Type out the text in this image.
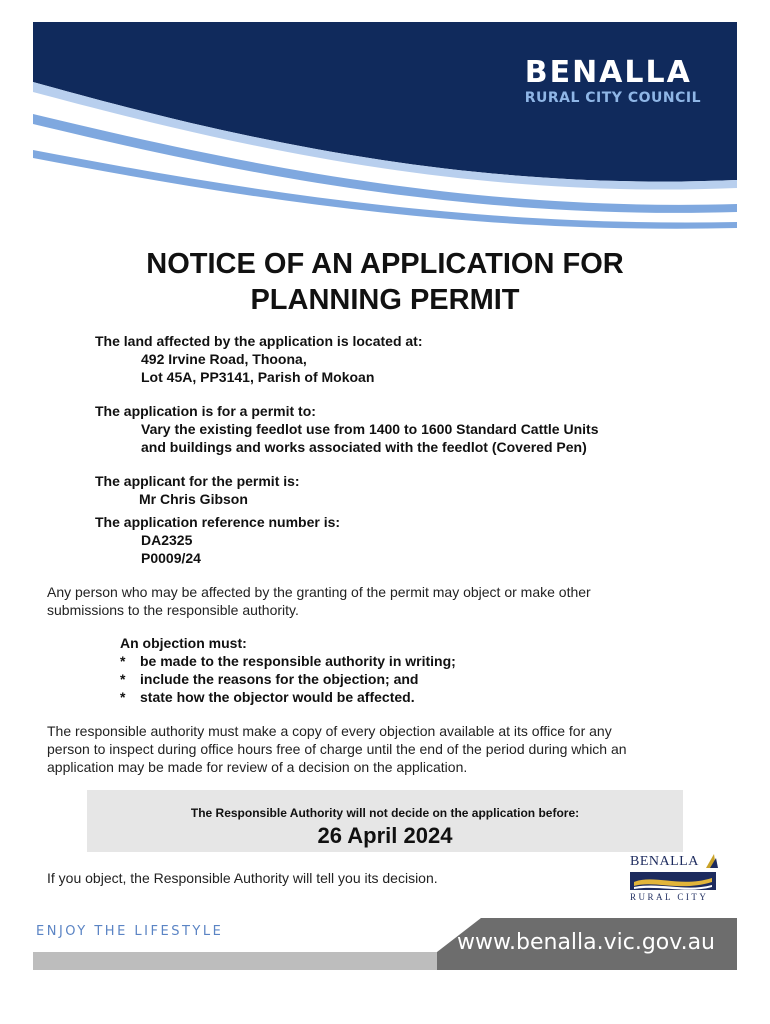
BENALLA
RURAL CITY COUNCIL
NOTICE OF AN APPLICATION FOR
PLANNING PERMIT
The land affected by the application is located at:
492 Irvine Road, Thoona,
Lot 45A, PP3141, Parish of Mokoan
The application is for a permit to:
Vary the existing feedlot use from 1400 to 1600 Standard Cattle Units
and buildings and works associated with the feedlot (Covered Pen)
The applicant for the permit is:
Mr Chris Gibson
The application reference number is:
DA2325
P0009/24
Any person who may be affected by the granting of the permit may object or make other
submissions to the responsible authority.
An objection must:
*	be made to the responsible authority in writing;
*	include the reasons for the objection; and
*	state how the objector would be affected.
The responsible authority must make a copy of every objection available at its office for any
person to inspect during office hours free of charge until the end of the period during which an
application may be made for review of a decision on the application.
The Responsible Authority will not decide on the application before:
26 April 2024
If you object, the Responsible Authority will tell you its decision.
BENALLA
RURAL CITY
ENJOY THE LIFESTYLE	www.benalla.vic.gov.au
